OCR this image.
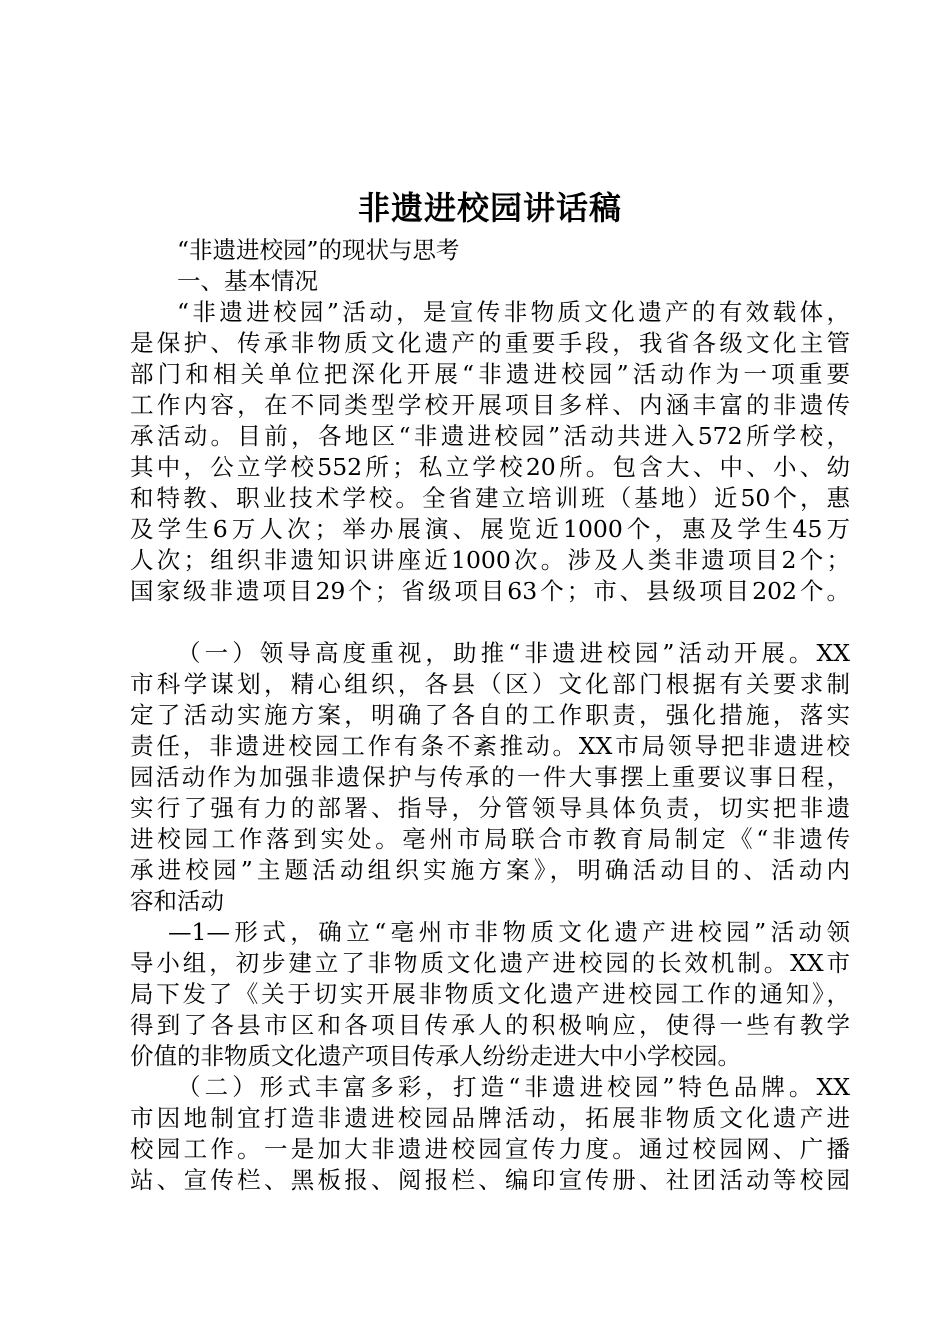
非遗进校园讲话稿

“非遗进校园”的现状与思考

一、基本情况

“非遗进校园”活动，是宣传非物质文化遗产的有效载体，

是保护、传承非物质文化遗产的重要手段，我省各级文化主管

部门和相关单位把深化开展“非遗进校园”活动作为一项重要

工作内容，在不同类型学校开展项目多样、内涵丰富的非遗传

承活动。目前，各地区“非遗进校园”活动共进入572所学校，

其中，公立学校552所；私立学校20所。包含大、中、小、幼

和特教、职业技术学校。全省建立培训班（基地）近50个，惠

及学生6万人次；举办展演、展览近1000个，惠及学生45万

人次；组织非遗知识讲座近1000次。涉及人类非遗项目2个；

国家级非遗项目29个；省级项目63个；市、县级项目202个。

（一）领导高度重视，助推“非遗进校园”活动开展。XX

市科学谋划，精心组织，各县（区）文化部门根据有关要求制

定了活动实施方案，明确了各自的工作职责，强化措施，落实

责任，非遗进校园工作有条不紊推动。XX市局领导把非遗进校

园活动作为加强非遗保护与传承的一件大事摆上重要议事日程，

实行了强有力的部署、指导，分管领导具体负责，切实把非遗

进校园工作落到实处。亳州市局联合市教育局制定《“非遗传

承进校园”主题活动组织实施方案》，明确活动目的、活动内

容和活动

—1—形式，确立“亳州市非物质文化遗产进校园”活动领

导小组，初步建立了非物质文化遗产进校园的长效机制。XX市

局下发了《关于切实开展非物质文化遗产进校园工作的通知》，

得到了各县市区和各项目传承人的积极响应，使得一些有教学

价值的非物质文化遗产项目传承人纷纷走进大中小学校园。

（二）形式丰富多彩，打造“非遗进校园”特色品牌。XX

市因地制宜打造非遗进校园品牌活动，拓展非物质文化遗产进

校园工作。一是加大非遗进校园宣传力度。通过校园网、广播

站、宣传栏、黑板报、阅报栏、编印宣传册、社团活动等校园
